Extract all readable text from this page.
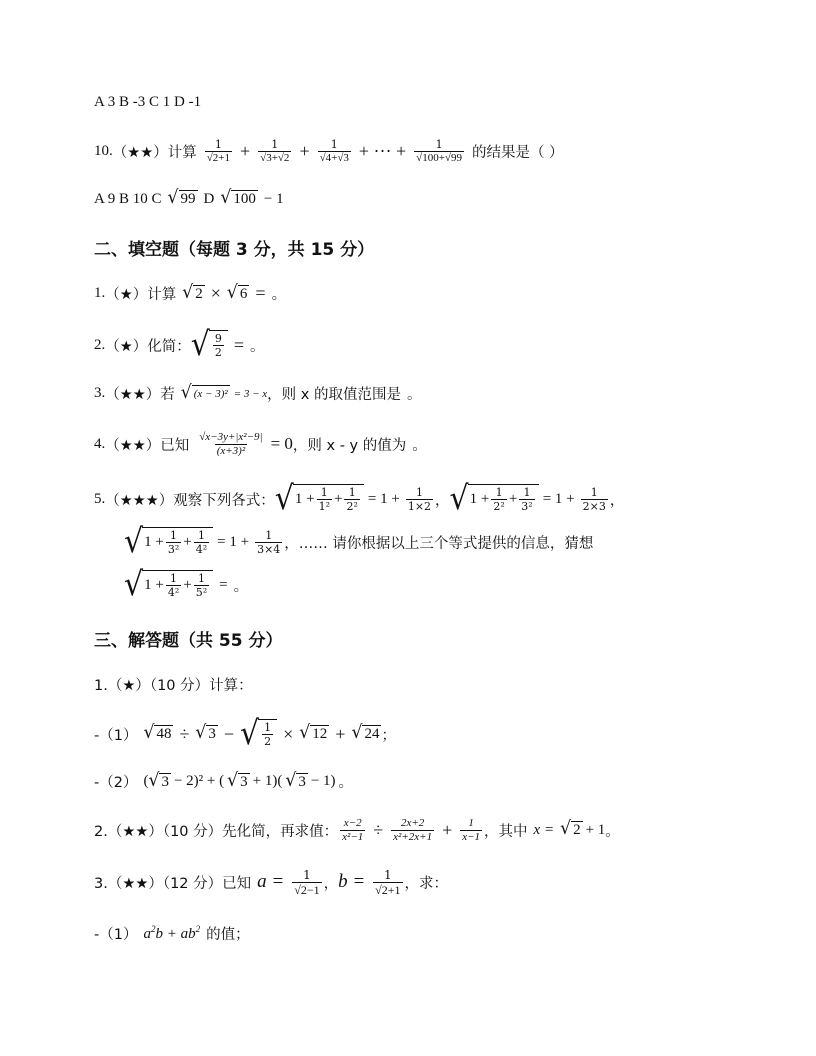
A 3 B -3 C 1 D -1
10. （★★） 计算 $\frac{1}{√2+1} + \frac{1}{√3+√2} + \frac{1}{√4+√3}$ + ··· + $\frac{1}{√100+√99}$ 的结果是（ ）
A 9 B 10 C √ 99 D √ 100 − 1
二、填空题（每题 3 分，共 15 分）
1. （★） 计算 √ 2 × √ 6 = 。
2. （★） 化简： √ $\frac{9}{2}$ = 。
3. （★★） 若 √ (x − 3)² = 3 − x ，则 x 的取值范围是 。
4. （★★） 已知 $\frac{\text{√x−3y+|x²−9|}}{\text{(x+3)²}} = 0$ ，则 x - y 的值为 。
5. （★★★） 观察下列各式： √ $1 + \frac{1}{\text{1²}} + \frac{1}{\text{2²}} = 1 + \frac{1}{1\times 2}$ ， √ $1 + \frac{1}{\text{2²}} + \frac{1}{\text{3²}} = 1 + \frac{1}{2\times 3}$ ，
√ $1 + \frac{1}{\text{3²}} + \frac{1}{\text{4²}} = 1 + \frac{1}{3\times 4}$ ，…… 请你根据以上三个等式提供的信息，猜想
√ $1 + \frac{1}{\text{4²}} + \frac{1}{\text{5²}}$ = 。
三、解答题（共 55 分）
1.（★）（10 分）计算：
-（1） √ 48 ÷ √ 3 − √ $\frac{1}{2}$ × √ 12 + √ 24 ；
-（2） ( √ 3 − 2)² + ( √ 3 + 1)( √ 3 − 1) 。
2.（★★）（10 分）先化简，再求值： $\frac{x-2}{\text{x²−1}} \div \frac{2x+2}{\text{x²+2x+1}} + \frac{1}{x-1}$ ，其中 x = √ 2 + 1 。
3.（★★）（12 分）已知 $a = \frac{1}{√2-1}$ ， $b = \frac{1}{√2+1}$ ，求：
-（1） $a^2b + ab^2$ 的值；
